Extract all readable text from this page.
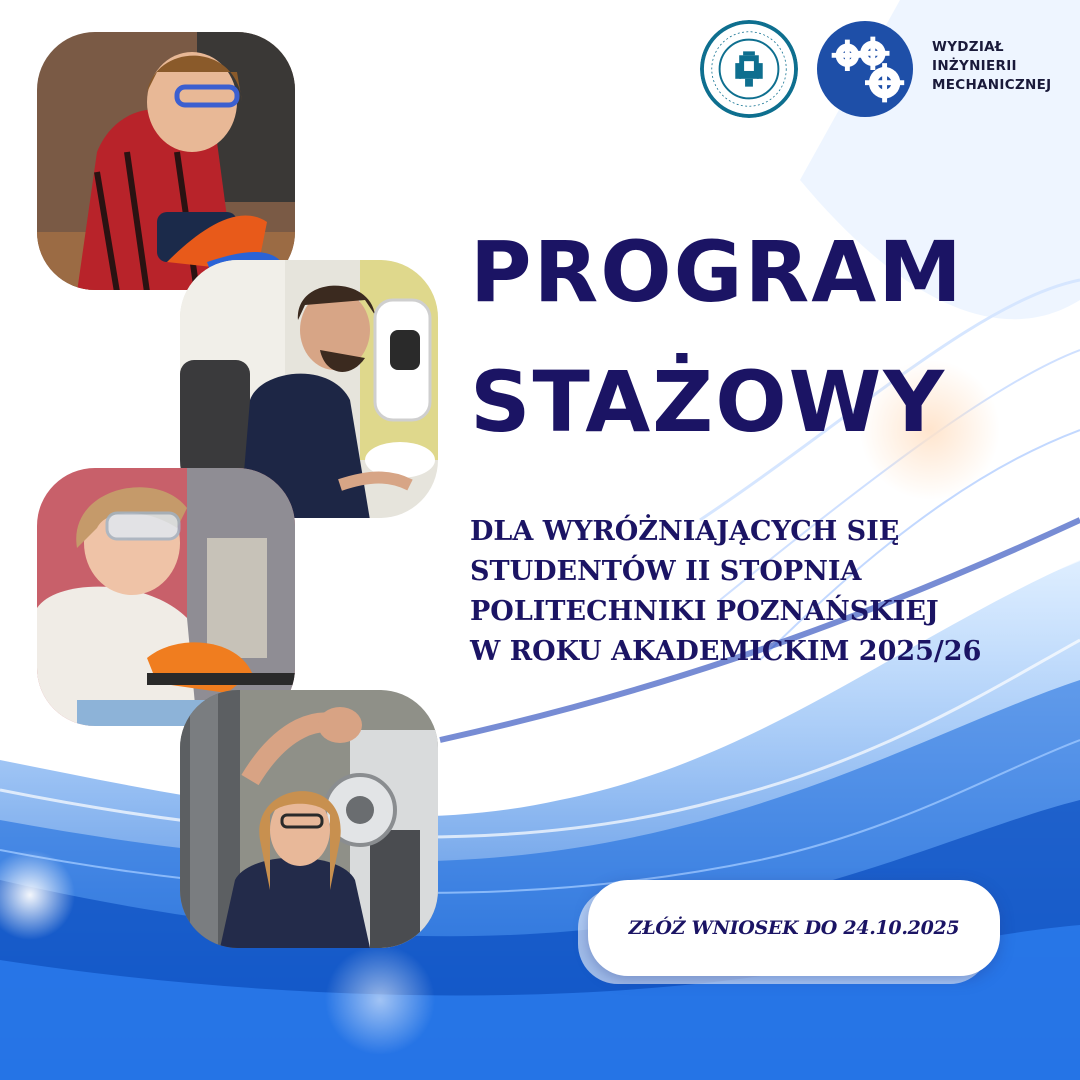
WYDZIAŁ
INŻYNIERII
MECHANICZNEJ
PROGRAM
STAŻOWY
DLA WYRÓŻNIAJĄCYCH SIĘ
STUDENTÓW II STOPNIA
POLITECHNIKI POZNAŃSKIEJ
W ROKU AKADEMICKIM 2025/26
ZŁÓŻ WNIOSEK DO 24.10.2025
